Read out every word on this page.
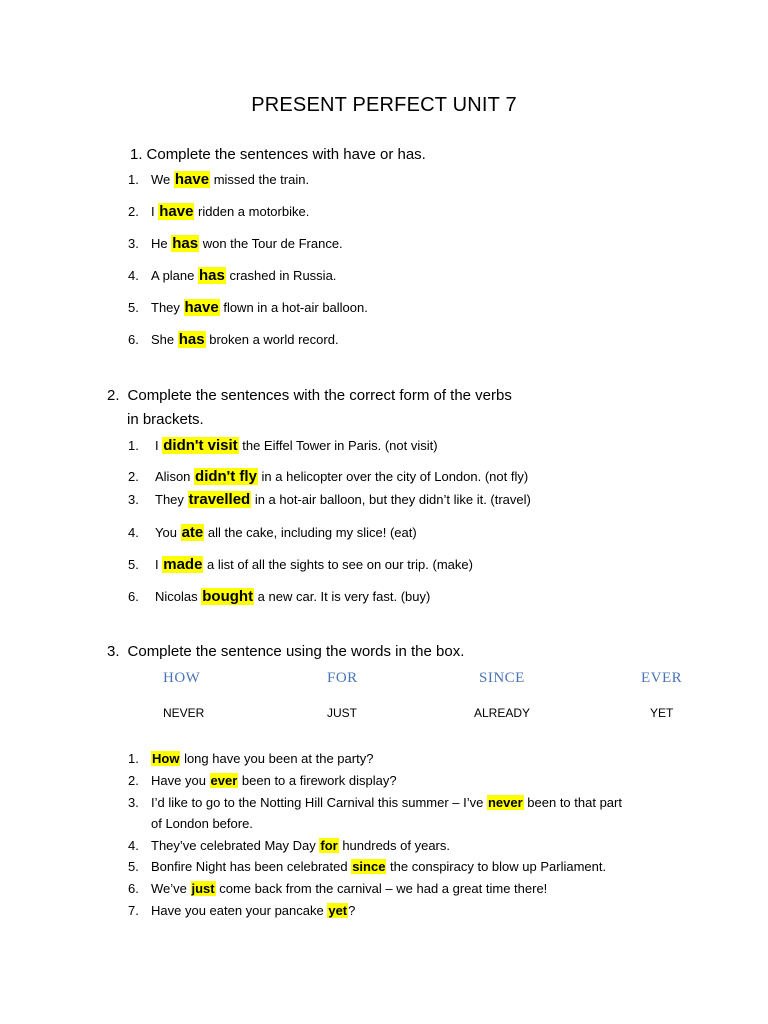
PRESENT PERFECT UNIT 7
1. Complete the sentences with have or has.
1. We have missed the train.
2. I have ridden a motorbike.
3. He has won the Tour de France.
4. A plane has crashed in Russia.
5. They have flown in a hot-air balloon.
6. She has broken a world record.
2. Complete the sentences with the correct form of the verbs
in brackets.
1. I didn't visit the Eiffel Tower in Paris. (not visit)
2. Alison didn't fly in a helicopter over the city of London. (not fly)
3. They travelled in a hot-air balloon, but they didn’t like it. (travel)
4. You ate all the cake, including my slice! (eat)
5. I made a list of all the sights to see on our trip. (make)
6. Nicolas bought a new car. It is very fast. (buy)
3. Complete the sentence using the words in the box.
HOW	FOR	SINCE	EVER
NEVER	JUST	ALREADY	YET
1. How long have you been at the party?
2. Have you ever been to a firework display?
3. I’d like to go to the Notting Hill Carnival this summer – I’ve never been to that part
of London before.
4. They’ve celebrated May Day for hundreds of years.
5. Bonfire Night has been celebrated since the conspiracy to blow up Parliament.
6. We’ve just come back from the carnival – we had a great time there!
7. Have you eaten your pancake yet?
